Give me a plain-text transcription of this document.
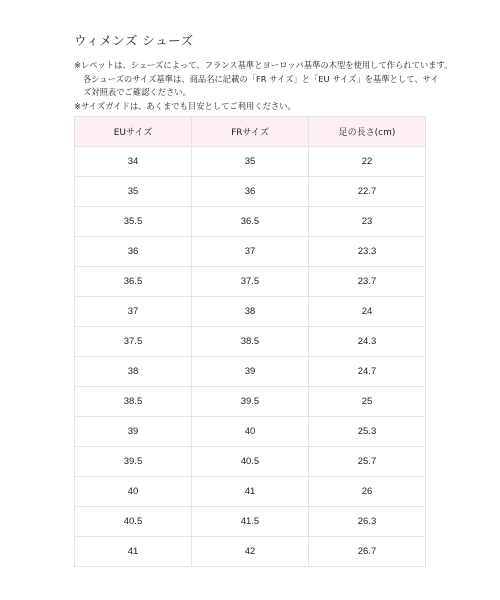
ウィメンズ シューズ

※レペットは、シューズによって、フランス基準とヨーロッパ基準の木型を使用して作られています。

各シューズのサイズ基準は、商品名に記載の「FR サイズ」と「EU サイズ」を基準として、サイ

ズ対照表でご確認ください。

※サイズガイドは、あくまでも目安としてご利用ください。

EUサイズ	FRサイズ	足の長さ(cm)
34	35	22
35	36	22.7
35.5	36.5	23
36	37	23.3
36.5	37.5	23.7
37	38	24
37.5	38.5	24.3
38	39	24.7
38.5	39.5	25
39	40	25.3
39.5	40.5	25.7
40	41	26
40.5	41.5	26.3
41	42	26.7
